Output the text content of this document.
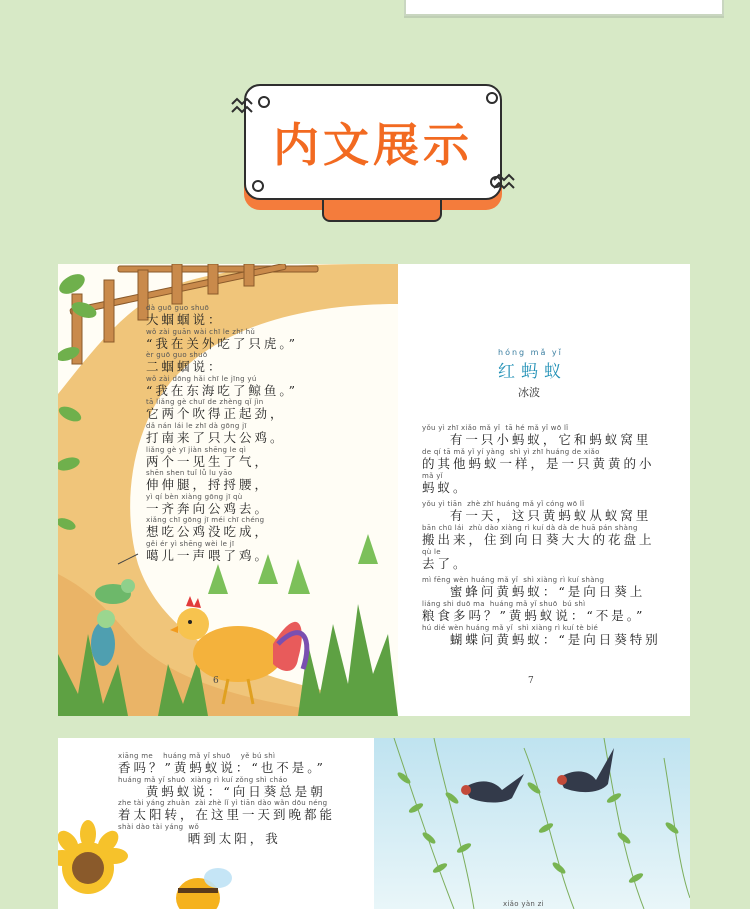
内文展示
dà guō guo shuō
大蝈蝈说：
wǒ zài guān wài chī le zhī hǔ
“我在关外吃了只虎。”
èr guō guo shuō
二蝈蝈说：
wǒ zài dōng hǎi chī le jīng yú
“我在东海吃了鲸鱼。”
tā liǎng gè chuī de zhèng qǐ jìn
它两个吹得正起劲，
dǎ nán lái le zhī dà gōng jī
打南来了只大公鸡。
liǎng gè yī jiàn shēng le qì
两个一见生了气，
shēn shen tuǐ lǚ lu yāo
伸伸腿，捋捋腰，
yì qí bèn xiàng gōng jī qù
一齐奔向公鸡去。
xiǎng chī gōng jī méi chī chéng
想吃公鸡没吃成，
gěi ér yì shēng wèi le jī
噶儿一声喂了鸡。
6
hóng mǎ yǐ
红蚂蚁
冰波
yǒu yì zhī xiǎo mǎ yǐ  tā hé mǎ yǐ wō lǐ
有一只小蚂蚁，它和蚂蚁窝里
de qí tā mǎ yǐ yí yàng  shì yì zhī huáng de xiǎo
的其他蚂蚁一样，是一只黄黄的小
mǎ yǐ
蚂蚁。
yǒu yì tiān  zhè zhī huáng mǎ yǐ cóng wō lǐ
有一天，这只黄蚂蚁从蚁窝里
bān chū lái  zhù dào xiàng rì kuí dà dà de huā pán shàng
搬出来，住到向日葵大大的花盘上
qù le
去了。
mì fēng wèn huáng mǎ yǐ  shì xiàng rì kuí shàng
蜜蜂问黄蚂蚁：“是向日葵上
liáng shi duō ma  huáng mǎ yǐ shuō  bú shì
粮食多吗？”黄蚂蚁说：“不是。”
hú dié wèn huáng mǎ yǐ  shì xiàng rì kuí tè bié
蝴蝶问黄蚂蚁：“是向日葵特别
7
xiāng me    huáng mǎ yǐ shuō    yě bú shì
香吗？”黄蚂蚁说：“也不是。”
huáng mǎ yǐ shuō  xiàng rì kuí zǒng shì cháo
黄蚂蚁说：“向日葵总是朝
zhe tài yáng zhuàn  zài zhè lǐ yì tiān dào wǎn dōu néng
着太阳转，在这里一天到晚都能
shài dào tài yáng  wǒ
晒到太阳，我
xiǎo yàn zi
